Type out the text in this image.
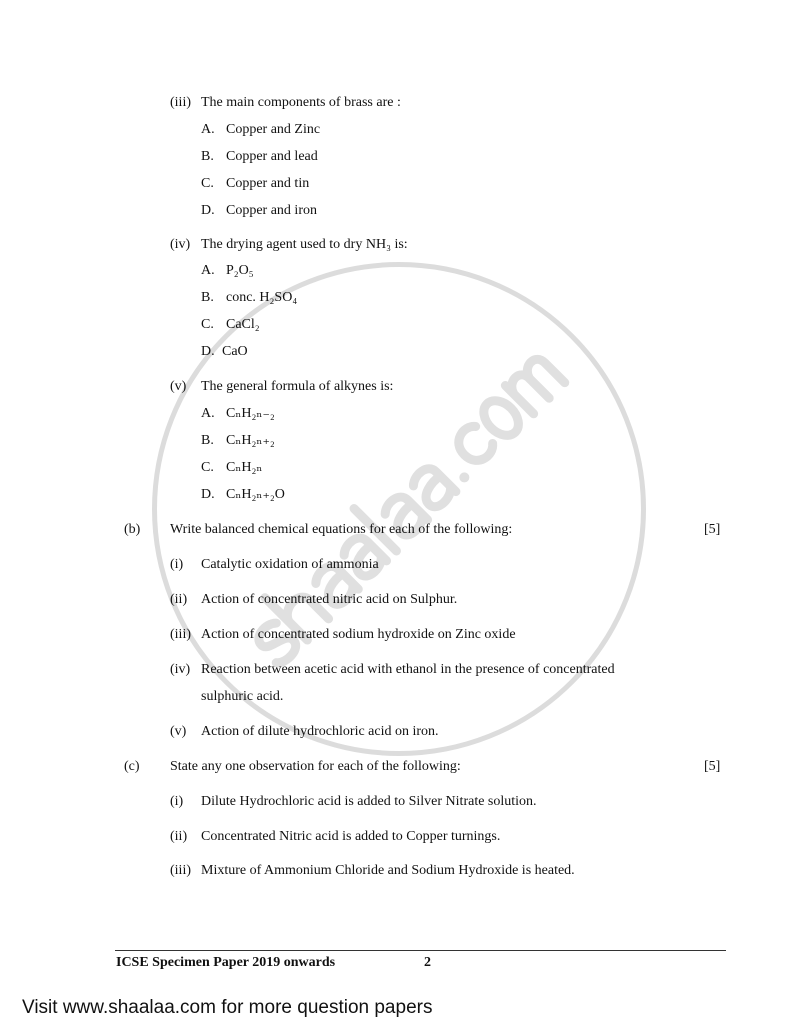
(iii) The main components of brass are :
A. Copper and Zinc
B. Copper and lead
C. Copper and tin
D. Copper and iron
(iv) The drying agent used to dry NH₃ is:
A. P₂O₅
B. conc. H₂SO₄
C. CaCl₂
D. CaO
(v) The general formula of alkynes is:
A. CₙH₂ₙ₋₂
B. CₙH₂ₙ₊₂
C. CₙH₂ₙ
D. CₙH₂ₙ₊₂O
(b) Write balanced chemical equations for each of the following:	[5]
(i) Catalytic oxidation of ammonia
(ii) Action of concentrated nitric acid on Sulphur.
(iii) Action of concentrated sodium hydroxide on Zinc oxide
(iv) Reaction between acetic acid with ethanol in the presence of concentrated
sulphuric acid.
(v) Action of dilute hydrochloric acid on iron.
(c) State any one observation for each of the following:	[5]
(i) Dilute Hydrochloric acid is added to Silver Nitrate solution.
(ii) Concentrated Nitric acid is added to Copper turnings.
(iii) Mixture of Ammonium Chloride and Sodium Hydroxide is heated.
ICSE Specimen Paper 2019 onwards	2
Visit www.shaalaa.com for more question papers
